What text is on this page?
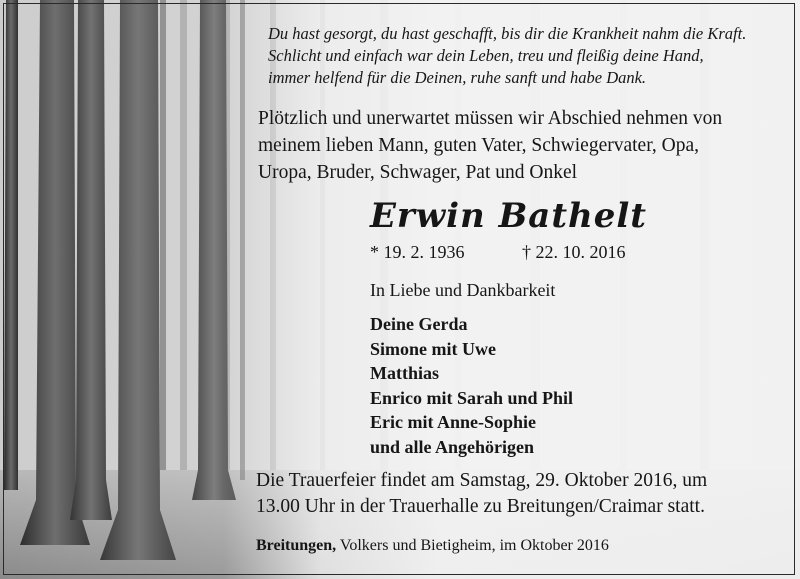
Du hast gesorgt, du hast geschafft, bis dir die Krankheit nahm die Kraft.
Schlicht und einfach war dein Leben, treu und fleißig deine Hand,
immer helfend für die Deinen, ruhe sanft und habe Dank.
Plötzlich und unerwartet müssen wir Abschied nehmen von
meinem lieben Mann, guten Vater, Schwiegervater, Opa,
Uropa, Bruder, Schwager, Pat und Onkel
Erwin Bathelt
* 19. 2. 1936	† 22. 10. 2016
In Liebe und Dankbarkeit
Deine Gerda
Simone mit Uwe
Matthias
Enrico mit Sarah und Phil
Eric mit Anne-Sophie
und alle Angehörigen
Die Trauerfeier findet am Samstag, 29. Oktober 2016, um
13.00 Uhr in der Trauerhalle zu Breitungen/Craimar statt.
Breitungen, Volkers und Bietigheim, im Oktober 2016
